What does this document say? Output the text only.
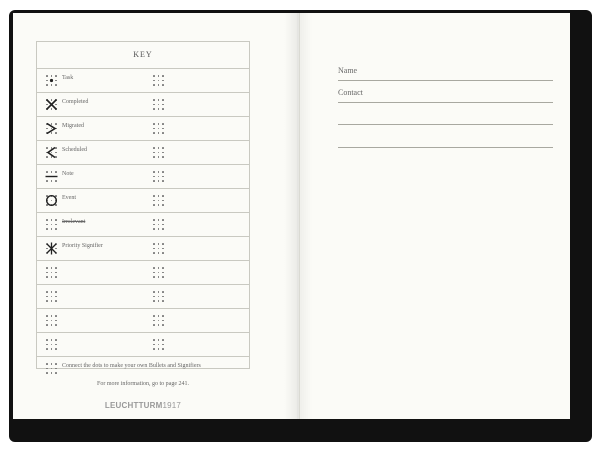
KEY
Task
Completed
Migrated
Scheduled
Note
Event
Irrelevant
Priority Signifier
Connect the dots to make your own Bullets and Signifiers
For more information, go to page 241.
LEUCHTTURM1917
Name
Contact
